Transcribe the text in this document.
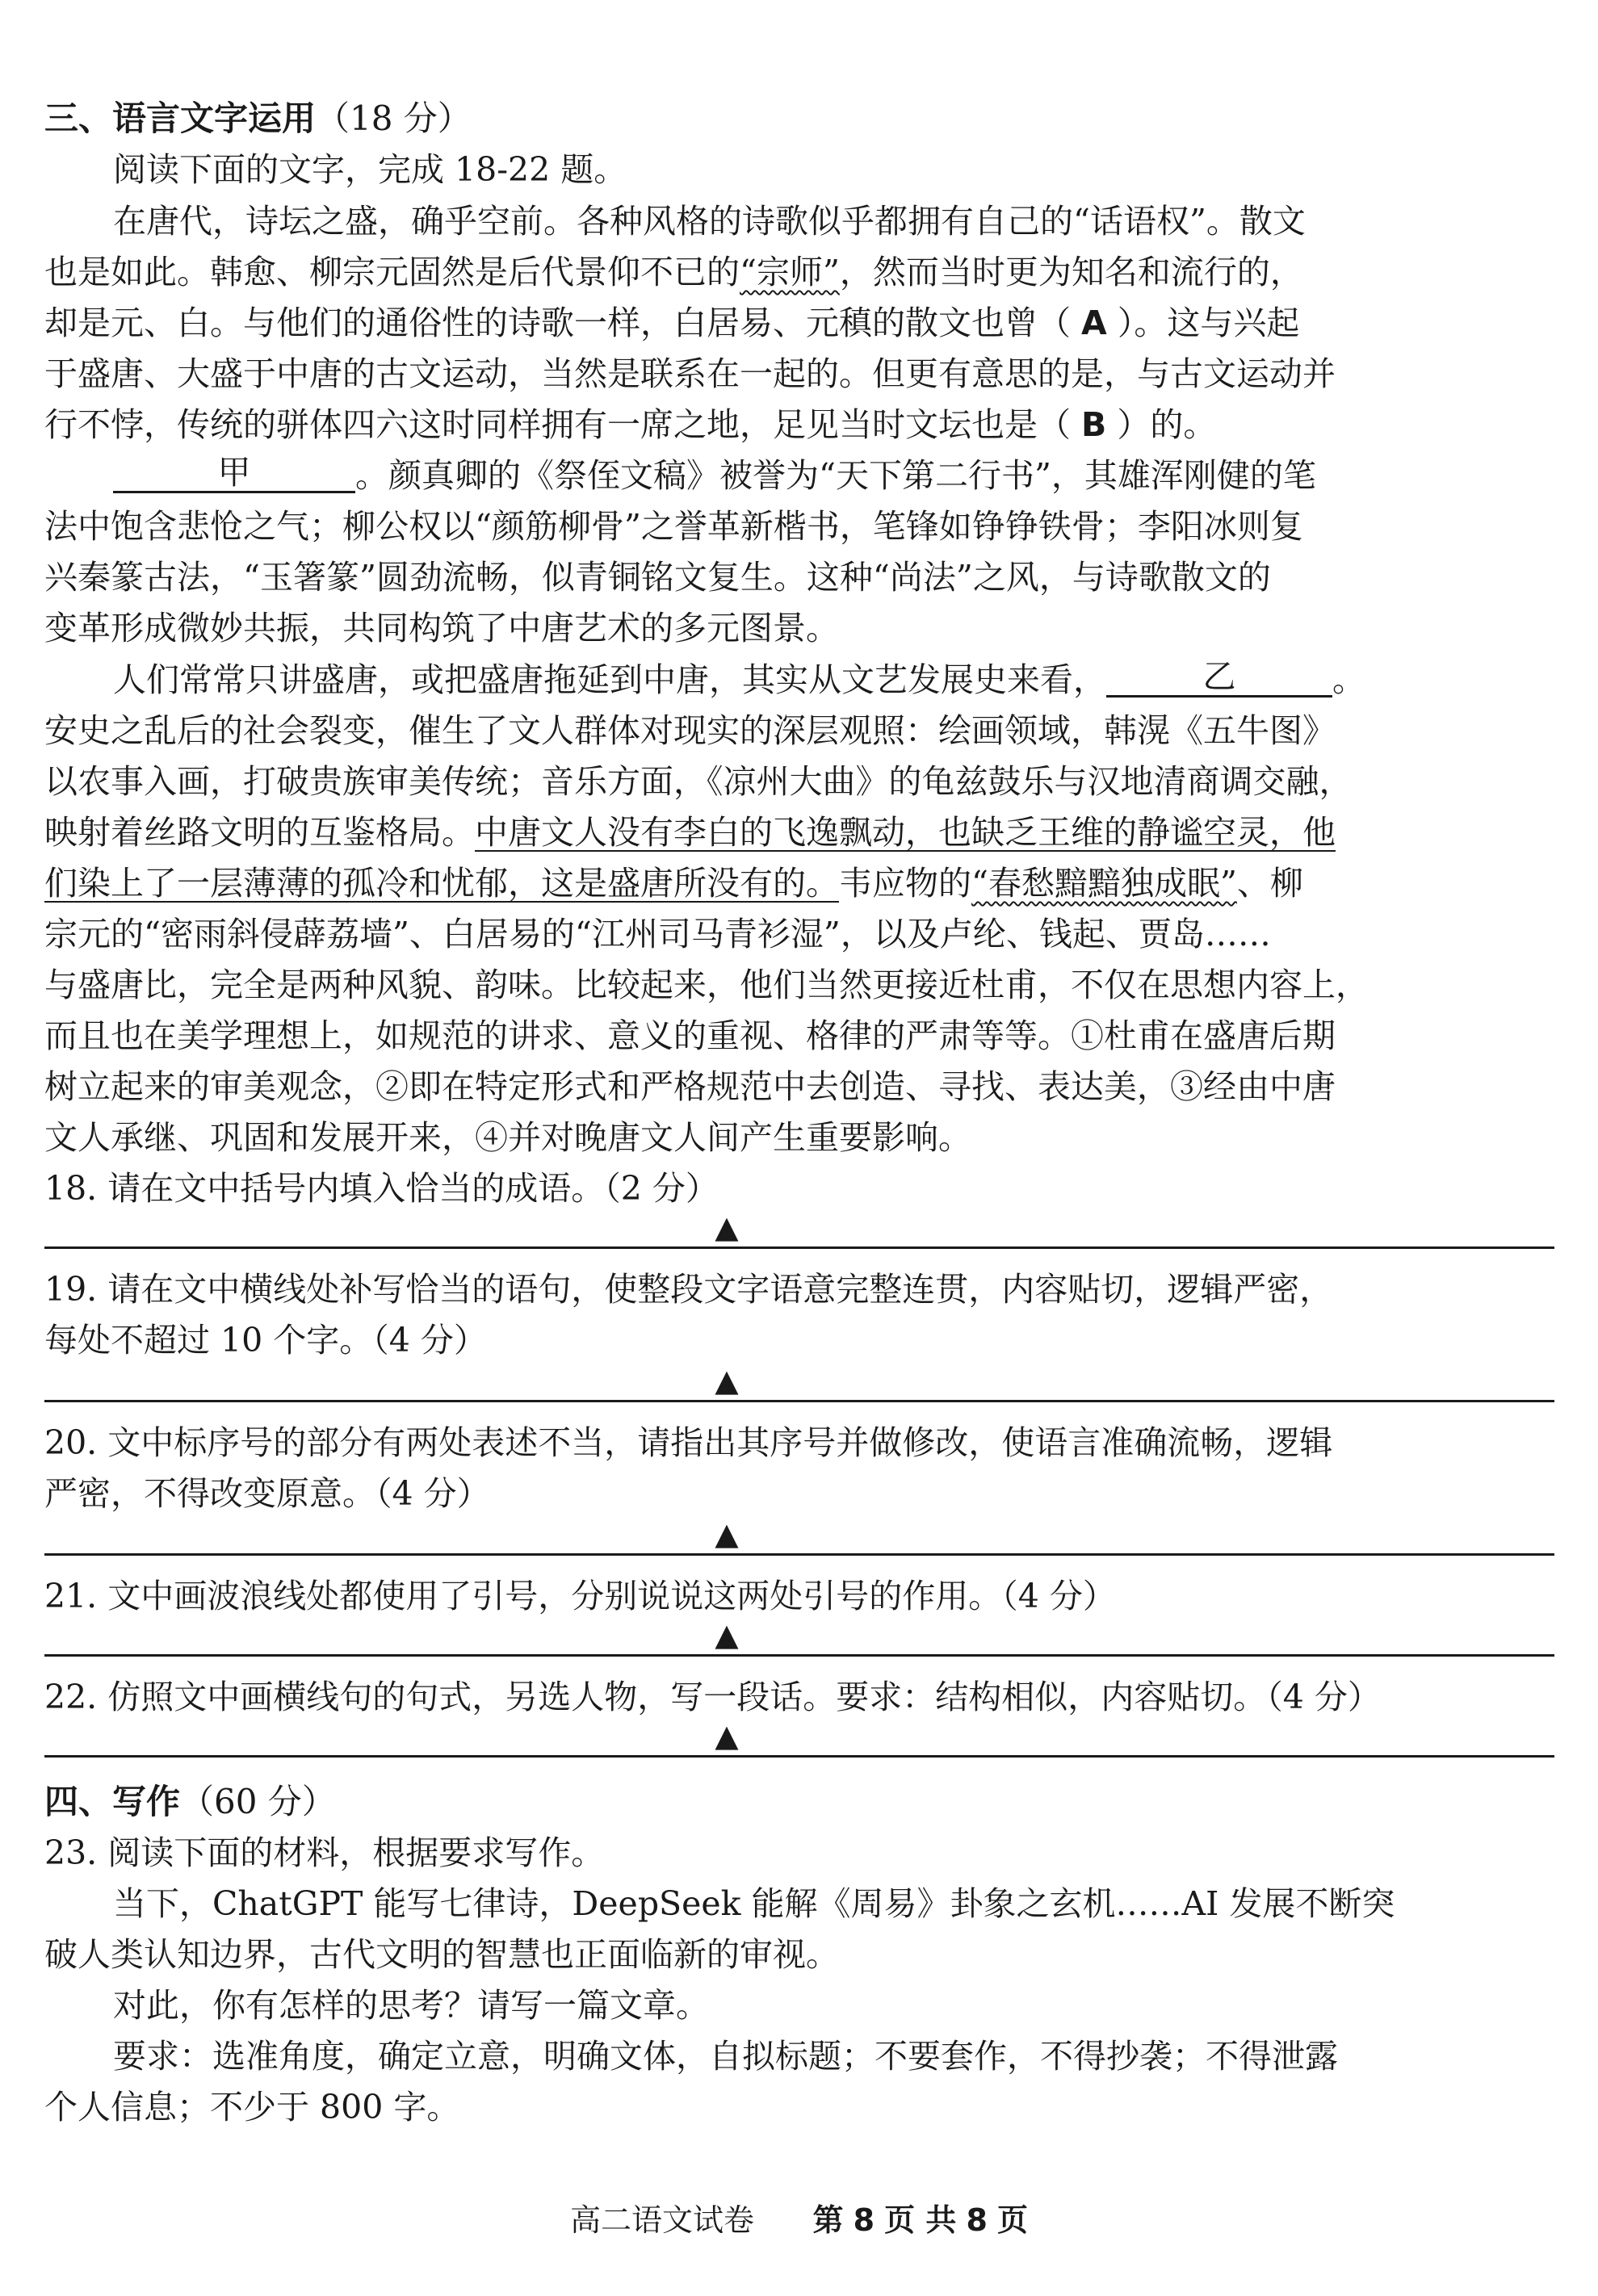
三、语言文字运用（18 分）
阅读下面的文字，完成 18-22 题。
在唐代，诗坛之盛，确乎空前。各种风格的诗歌似乎都拥有自己的“话语权”。散文
也是如此。韩愈、柳宗元固然是后代景仰不已的“宗师”，然而当时更为知名和流行的，
却是元、白。与他们的通俗性的诗歌一样，白居易、元稹的散文也曾（ A ）。这与兴起
于盛唐、大盛于中唐的古文运动，当然是联系在一起的。但更有意思的是，与古文运动并
行不悖，传统的骈体四六这时同样拥有一席之地，足见当时文坛也是（ B ）的。
甲	。颜真卿的《祭侄文稿》被誉为“天下第二行书”，其雄浑刚健的笔
法中饱含悲怆之气；柳公权以“颜筋柳骨”之誉革新楷书，笔锋如铮铮铁骨；李阳冰则复
兴秦篆古法，“玉箸篆”圆劲流畅，似青铜铭文复生。这种“尚法”之风，与诗歌散文的
变革形成微妙共振，共同构筑了中唐艺术的多元图景。
人们常常只讲盛唐，或把盛唐拖延到中唐，其实从文艺发展史来看，	乙	。
安史之乱后的社会裂变，催生了文人群体对现实的深层观照：绘画领域，韩滉《五牛图》
以农事入画，打破贵族审美传统；音乐方面，《凉州大曲》的龟兹鼓乐与汉地清商调交融，
映射着丝路文明的互鉴格局。中唐文人没有李白的飞逸飘动，也缺乏王维的静谧空灵，他
们染上了一层薄薄的孤冷和忧郁，这是盛唐所没有的。韦应物的“春愁黯黯独成眠”、柳
宗元的“密雨斜侵薜荔墙”、白居易的“江州司马青衫湿”，以及卢纶、钱起、贾岛……
与盛唐比，完全是两种风貌、韵味。比较起来，他们当然更接近杜甫，不仅在思想内容上，
而且也在美学理想上，如规范的讲求、意义的重视、格律的严肃等等。①杜甫在盛唐后期
树立起来的审美观念，②即在特定形式和严格规范中去创造、寻找、表达美，③经由中唐
文人承继、巩固和发展开来，④并对晚唐文人间产生重要影响。
18. 请在文中括号内填入恰当的成语。（2 分）
▲
19. 请在文中横线处补写恰当的语句，使整段文字语意完整连贯，内容贴切，逻辑严密，
每处不超过 10 个字。（4 分）
▲
20. 文中标序号的部分有两处表述不当，请指出其序号并做修改，使语言准确流畅，逻辑
严密，不得改变原意。（4 分）
▲
21. 文中画波浪线处都使用了引号，分别说说这两处引号的作用。（4 分）
▲
22. 仿照文中画横线句的句式，另选人物，写一段话。要求：结构相似，内容贴切。（4 分）
▲
四、写作（60 分）
23. 阅读下面的材料，根据要求写作。
当下，ChatGPT 能写七律诗，DeepSeek 能解《周易》卦象之玄机……AI 发展不断突
破人类认知边界，古代文明的智慧也正面临新的审视。
对此，你有怎样的思考？请写一篇文章。
要求：选准角度，确定立意，明确文体，自拟标题；不要套作，不得抄袭；不得泄露
个人信息；不少于 800 字。
高二语文试卷 第 8 页 共 8 页
